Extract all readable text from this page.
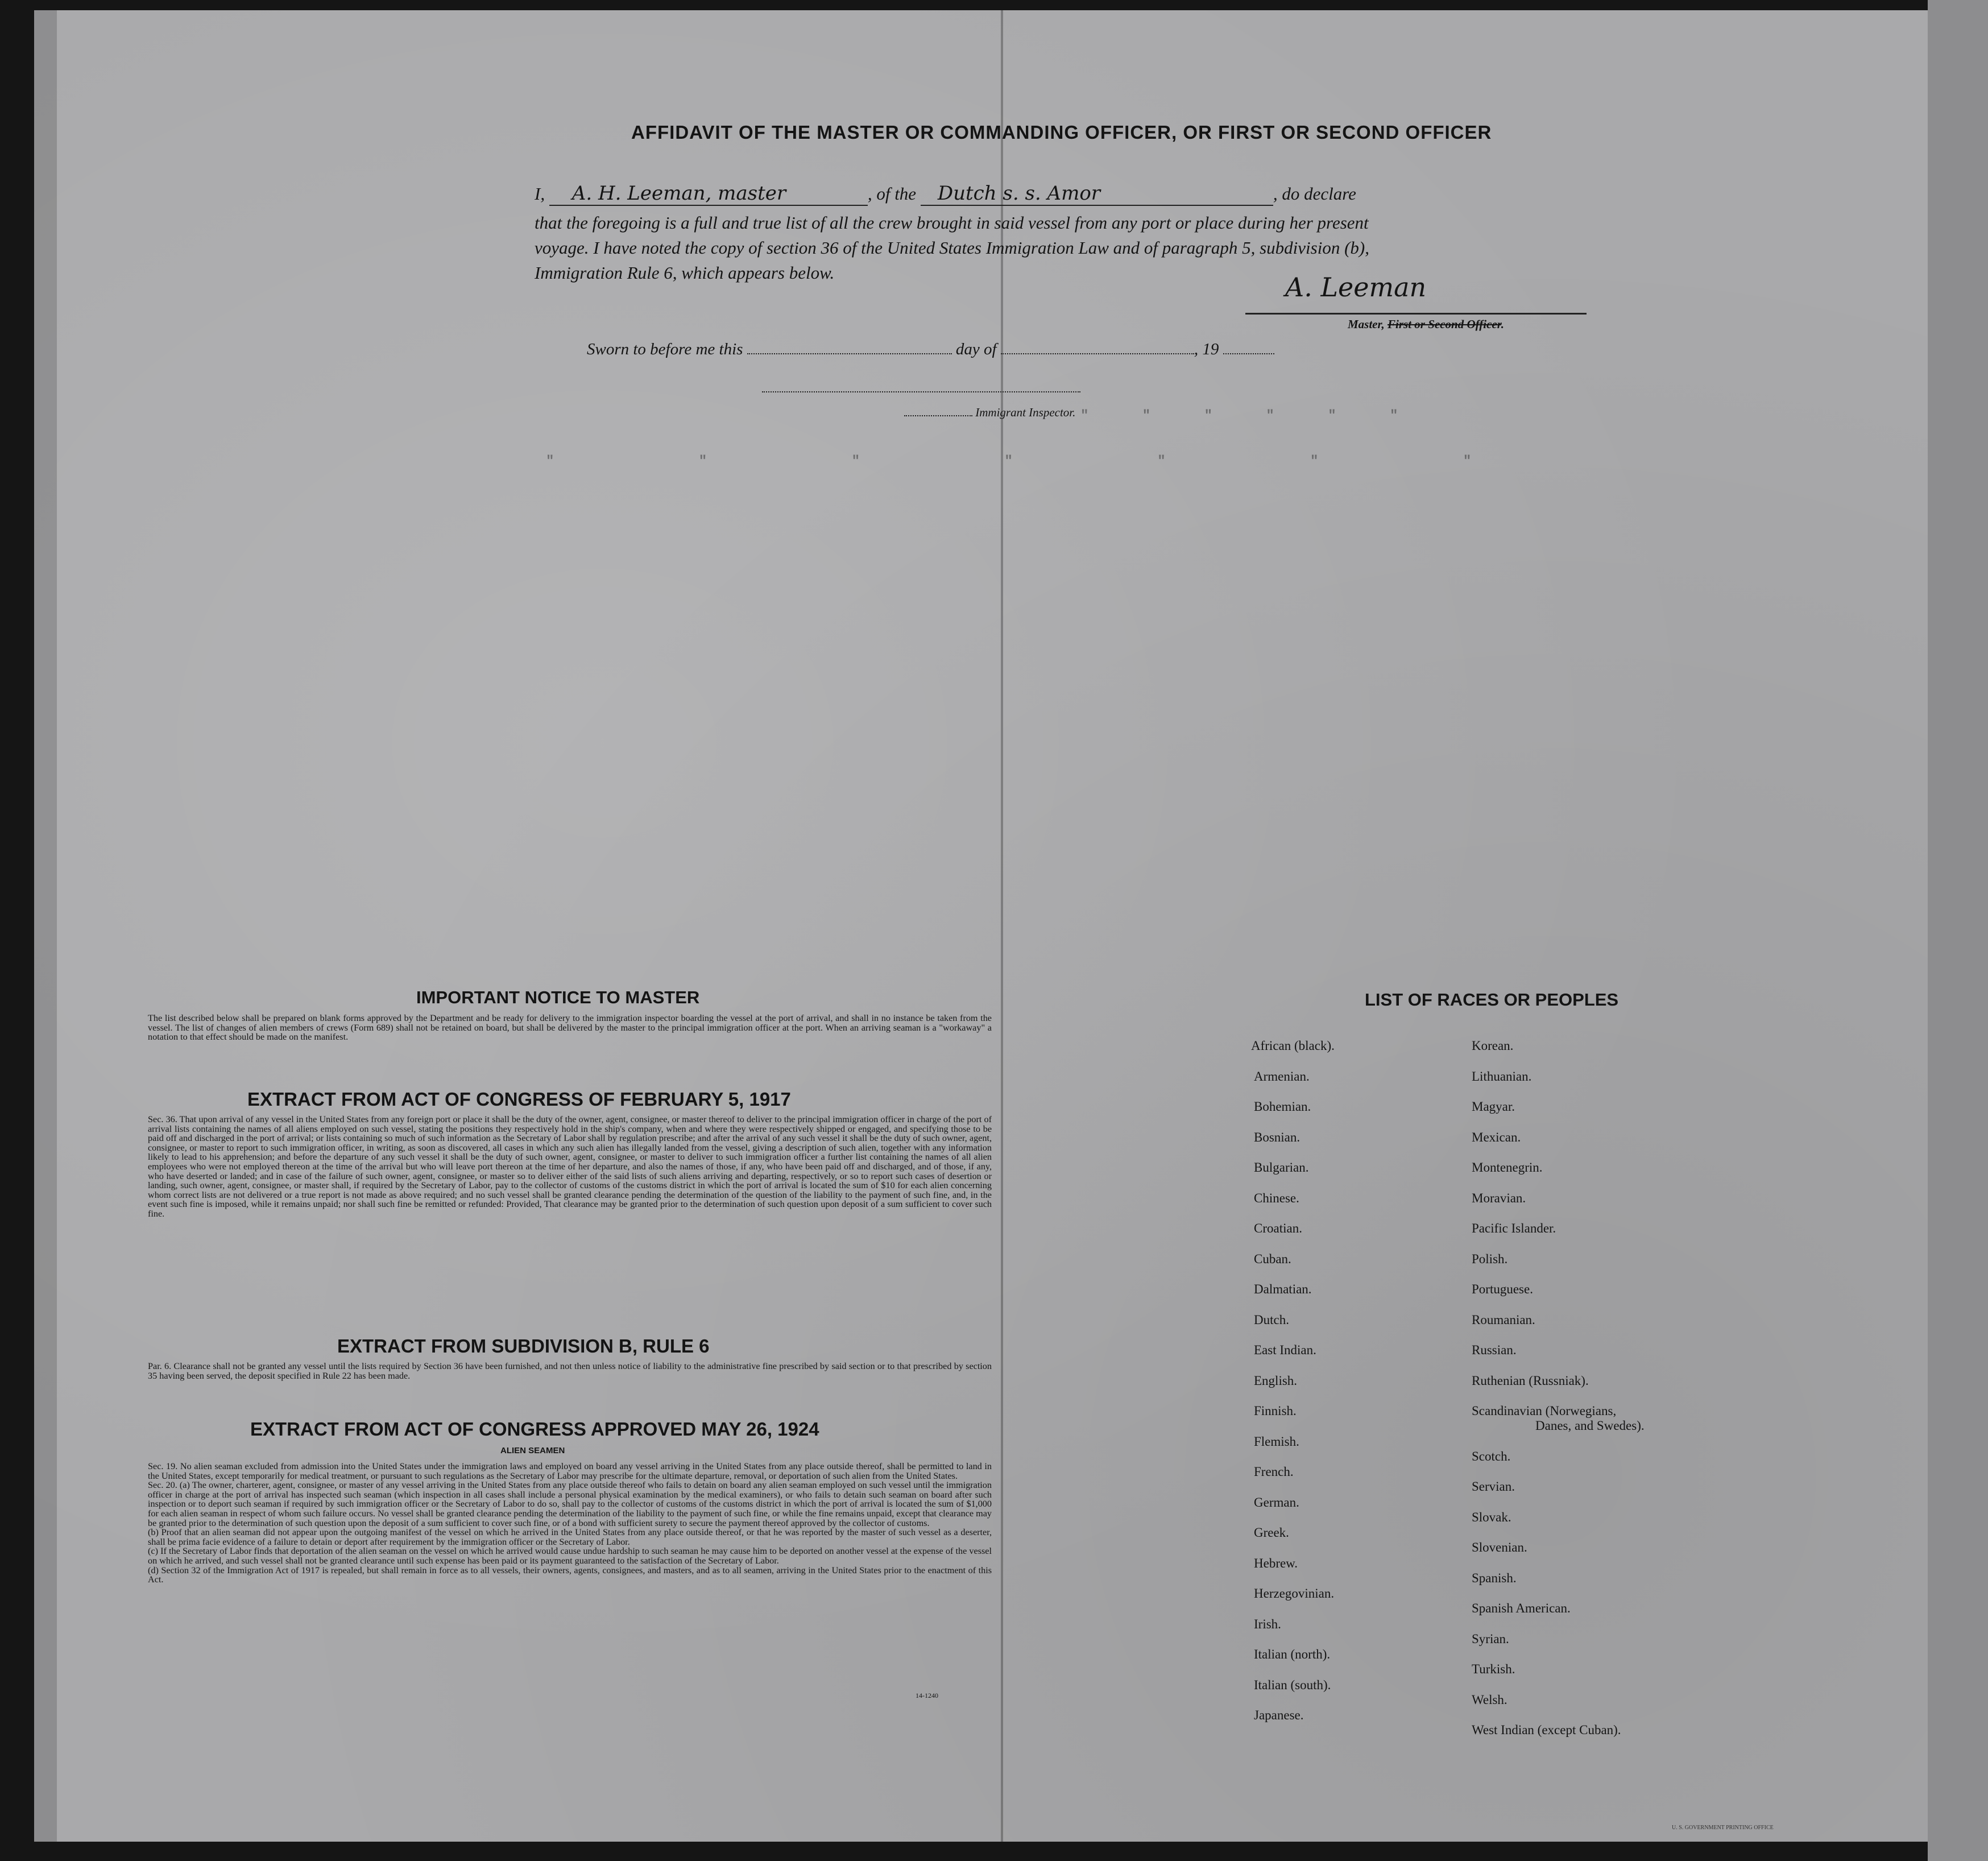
AFFIDAVIT OF THE MASTER OR COMMANDING OFFICER, OR FIRST OR SECOND OFFICER
I, A. H. Leeman, master	, of the Dutch s. s. Amor	, do declare
that the foregoing is a full and true list of all the crew brought in said vessel from any port or place during her present
voyage. I have noted the copy of section 36 of the United States Immigration Law and of paragraph 5, subdivision (b),
Immigration Rule 6, which appears below.	A. Leeman
Master, First or Second Officer.
Sworn to before me this	day of	, 19
Immigrant Inspector. " " " " " "
" " " " " " "
IMPORTANT NOTICE TO MASTER
The list described below shall be prepared on blank forms approved by the Department and be ready for delivery to the immigration inspector boarding the vessel at the port of arrival, and shall in no instance be taken from the vessel. The list of changes of alien members of crews (Form 689) shall not be retained on board, but shall be delivered by the master to the principal immigration officer at the port. When an arriving seaman is a "workaway" a notation to that effect should be made on the manifest.
EXTRACT FROM ACT OF CONGRESS OF FEBRUARY 5, 1917
Sec. 36. That upon arrival of any vessel in the United States from any foreign port or place it shall be the duty of the owner, agent, consignee, or master thereof to deliver to the principal immigration officer in charge of the port of arrival lists containing the names of all aliens employed on such vessel, stating the positions they respectively hold in the ship's company, when and where they were respectively shipped or engaged, and specifying those to be paid off and discharged in the port of arrival; or lists containing so much of such information as the Secretary of Labor shall by regulation prescribe; and after the arrival of any such vessel it shall be the duty of such owner, agent, consignee, or master to report to such immigration officer, in writing, as soon as discovered, all cases in which any such alien has illegally landed from the vessel, giving a description of such alien, together with any information likely to lead to his apprehension; and before the departure of any such vessel it shall be the duty of such owner, agent, consignee, or master to deliver to such immigration officer a further list containing the names of all alien employees who were not employed thereon at the time of the arrival but who will leave port thereon at the time of her departure, and also the names of those, if any, who have been paid off and discharged, and of those, if any, who have deserted or landed; and in case of the failure of such owner, agent, consignee, or master so to deliver either of the said lists of such aliens arriving and departing, respectively, or so to report such cases of desertion or landing, such owner, agent, consignee, or master shall, if required by the Secretary of Labor, pay to the collector of customs of the customs district in which the port of arrival is located the sum of $10 for each alien concerning whom correct lists are not delivered or a true report is not made as above required; and no such vessel shall be granted clearance pending the determination of the question of the liability to the payment of such fine, and, in the event such fine is imposed, while it remains unpaid; nor shall such fine be remitted or refunded: Provided, That clearance may be granted prior to the determination of such question upon deposit of a sum sufficient to cover such fine.
EXTRACT FROM SUBDIVISION B, RULE 6
Par. 6. Clearance shall not be granted any vessel until the lists required by Section 36 have been furnished, and not then unless notice of liability to the administrative fine prescribed by said section or to that prescribed by section 35 having been served, the deposit specified in Rule 22 has been made.
EXTRACT FROM ACT OF CONGRESS APPROVED MAY 26, 1924
ALIEN SEAMEN
Sec. 19. No alien seaman excluded from admission into the United States under the immigration laws and employed on board any vessel arriving in the United States from any place outside thereof, shall be permitted to land in the United States, except temporarily for medical treatment, or pursuant to such regulations as the Secretary of Labor may prescribe for the ultimate departure, removal, or deportation of such alien from the United States.
Sec. 20. (a) The owner, charterer, agent, consignee, or master of any vessel arriving in the United States from any place outside thereof who fails to detain on board any alien seaman employed on such vessel until the immigration officer in charge at the port of arrival has inspected such seaman (which inspection in all cases shall include a personal physical examination by the medical examiners), or who fails to detain such seaman on board after such inspection or to deport such seaman if required by such immigration officer or the Secretary of Labor to do so, shall pay to the collector of customs of the customs district in which the port of arrival is located the sum of $1,000 for each alien seaman in respect of whom such failure occurs. No vessel shall be granted clearance pending the determination of the liability to the payment of such fine, or while the fine remains unpaid, except that clearance may be granted prior to the determination of such question upon the deposit of a sum sufficient to cover such fine, or of a bond with sufficient surety to secure the payment thereof approved by the collector of customs.
(b) Proof that an alien seaman did not appear upon the outgoing manifest of the vessel on which he arrived in the United States from any place outside thereof, or that he was reported by the master of such vessel as a deserter, shall be prima facie evidence of a failure to detain or deport after requirement by the immigration officer or the Secretary of Labor.
(c) If the Secretary of Labor finds that deportation of the alien seaman on the vessel on which he arrived would cause undue hardship to such seaman he may cause him to be deported on another vessel at the expense of the vessel on which he arrived, and such vessel shall not be granted clearance until such expense has been paid or its payment guaranteed to the satisfaction of the Secretary of Labor.
(d) Section 32 of the Immigration Act of 1917 is repealed, but shall remain in force as to all vessels, their owners, agents, consignees, and masters, and as to all seamen, arriving in the United States prior to the enactment of this Act.
14-1240
LIST OF RACES OR PEOPLES
African (black).
Armenian.
Bohemian.
Bosnian.
Bulgarian.
Chinese.
Croatian.
Cuban.
Dalmatian.
Dutch.
East Indian.
English.
Finnish.
Flemish.
French.
German.
Greek.
Hebrew.
Herzegovinian.
Irish.
Italian (north).
Italian (south).
Japanese.
Korean.
Lithuanian.
Magyar.
Mexican.
Montenegrin.
Moravian.
Pacific Islander.
Polish.
Portuguese.
Roumanian.
Russian.
Ruthenian (Russniak).
Scandinavian (Norwegians,
Danes, and Swedes).
Scotch.
Servian.
Slovak.
Slovenian.
Spanish.
Spanish American.
Syrian.
Turkish.
Welsh.
West Indian (except Cuban).
U. S. GOVERNMENT PRINTING OFFICE
